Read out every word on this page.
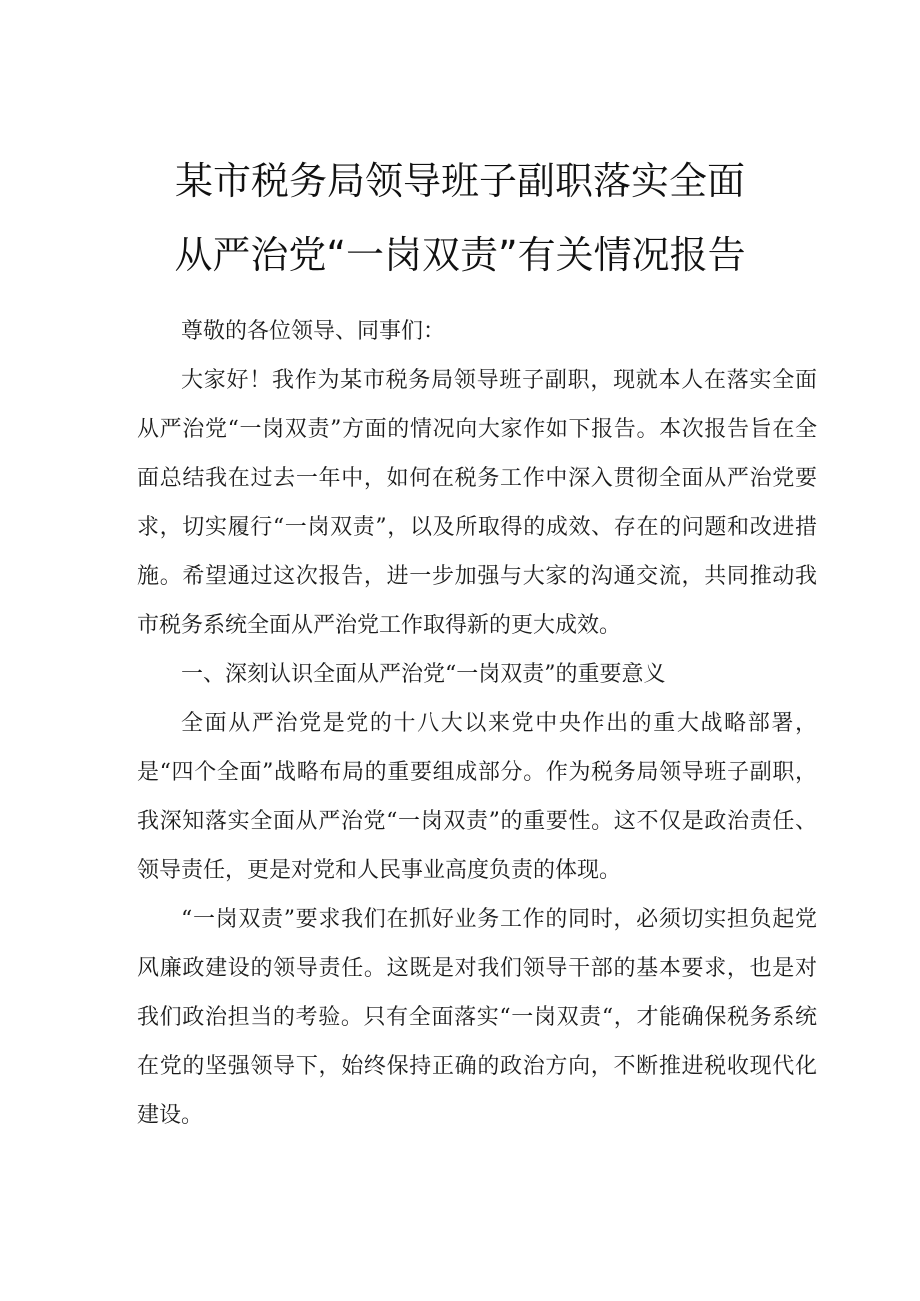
某市税务局领导班子副职落实全面
从严治党“一岗双责”有关情况报告

尊敬的各位领导、同事们：

大家好！我作为某市税务局领导班子副职，现就本人在落实全面从严治党“一岗双责”方面的情况向大家作如下报告。本次报告旨在全面总结我在过去一年中，如何在税务工作中深入贯彻全面从严治党要求，切实履行“一岗双责”，以及所取得的成效、存在的问题和改进措施。希望通过这次报告，进一步加强与大家的沟通交流，共同推动我市税务系统全面从严治党工作取得新的更大成效。

一、深刻认识全面从严治党“一岗双责”的重要意义

全面从严治党是党的十八大以来党中央作出的重大战略部署，是“四个全面”战略布局的重要组成部分。作为税务局领导班子副职，我深知落实全面从严治党“一岗双责”的重要性。这不仅是政治责任、领导责任，更是对党和人民事业高度负责的体现。

“一岗双责”要求我们在抓好业务工作的同时，必须切实担负起党风廉政建设的领导责任。这既是对我们领导干部的基本要求，也是对我们政治担当的考验。只有全面落实“一岗双责“，才能确保税务系统在党的坚强领导下，始终保持正确的政治方向，不断推进税收现代化建设。
